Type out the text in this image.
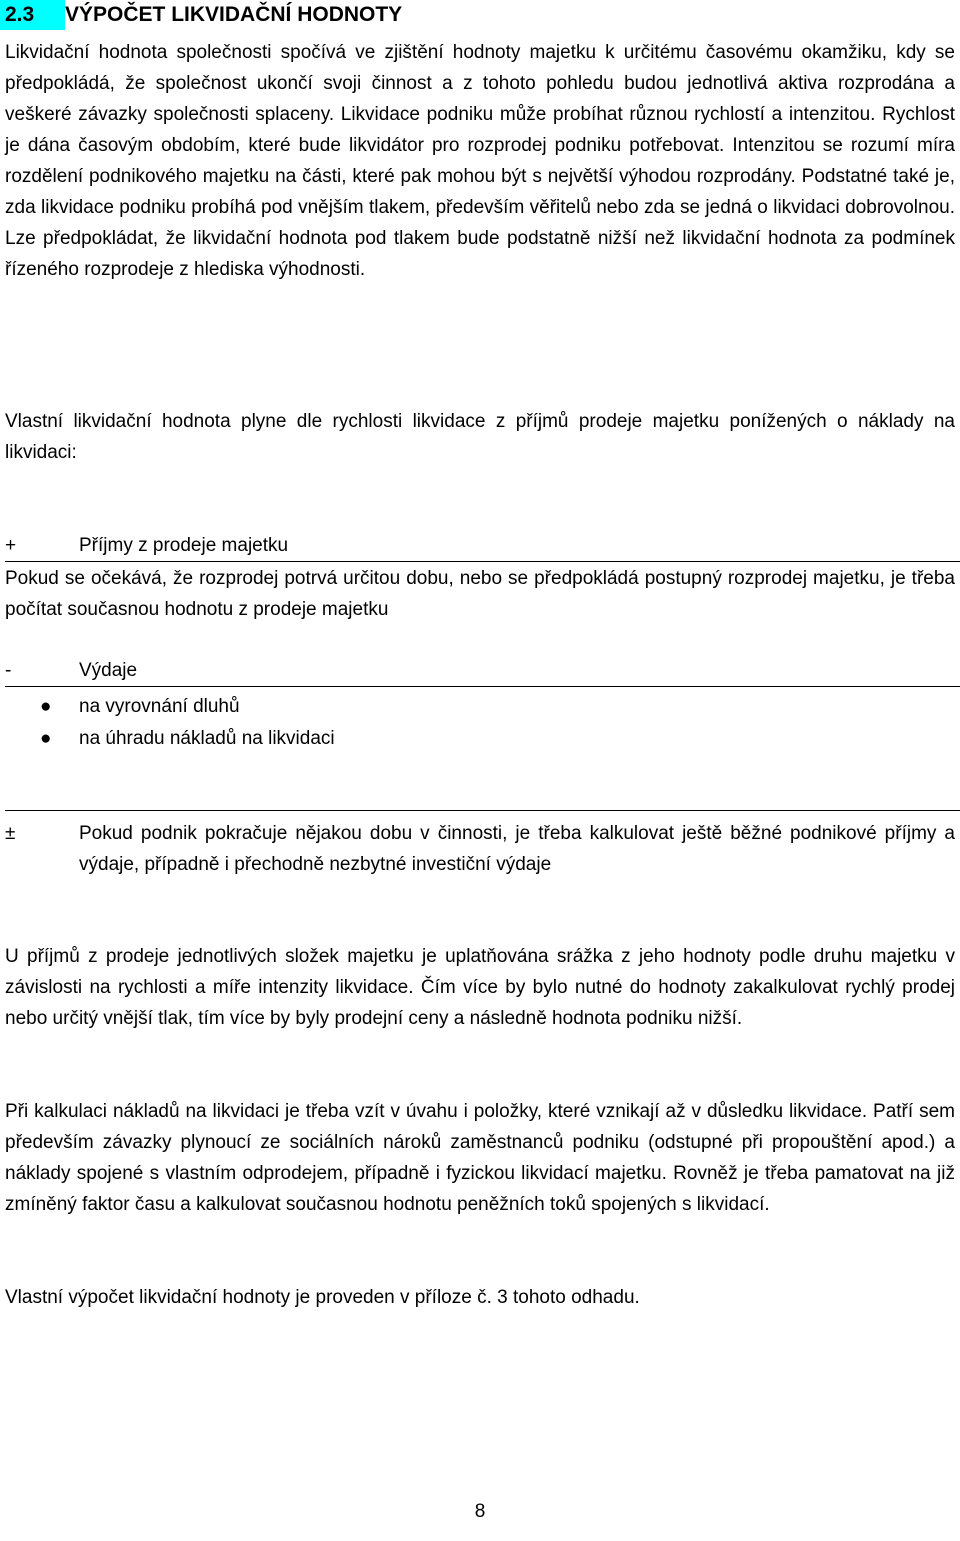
2.3 VÝPOČET LIKVIDAČNÍ HODNOTY

Likvidační hodnota společnosti spočívá ve zjištění hodnoty majetku k určitému časovému okamžiku, kdy se předpokládá, že společnost ukončí svoji činnost a z tohoto pohledu budou jednotlivá aktiva rozprodána a veškeré závazky společnosti splaceny. Likvidace podniku může probíhat různou rychlostí a intenzitou. Rychlost je dána časovým obdobím, které bude likvidátor pro rozprodej podniku potřebovat. Intenzitou se rozumí míra rozdělení podnikového majetku na části, které pak mohou být s největší výhodou rozprodány. Podstatné také je, zda likvidace podniku probíhá pod vnějším tlakem, především věřitelů nebo zda se jedná o likvidaci dobrovolnou. Lze předpokládat, že likvidační hodnota pod tlakem bude podstatně nižší než likvidační hodnota za podmínek řízeného rozprodeje z hlediska výhodnosti.

Vlastní likvidační hodnota plyne dle rychlosti likvidace z příjmů prodeje majetku ponížených o náklady na likvidaci:

+	Příjmy z prodeje majetku

Pokud se očekává, že rozprodej potrvá určitou dobu, nebo se předpokládá postupný rozprodej majetku, je třeba počítat současnou hodnotu z prodeje majetku

-	Výdaje
● na vyrovnání dluhů
● na úhradu nákladů na likvidaci
±	Pokud podnik pokračuje nějakou dobu v činnosti, je třeba kalkulovat ještě běžné podnikové příjmy a výdaje, případně i přechodně nezbytné investiční výdaje

U příjmů z prodeje jednotlivých složek majetku je uplatňována srážka z jeho hodnoty podle druhu majetku v závislosti na rychlosti a míře intenzity likvidace. Čím více by bylo nutné do hodnoty zakalkulovat rychlý prodej nebo určitý vnější tlak, tím více by byly prodejní ceny a následně hodnota podniku nižší.

Při kalkulaci nákladů na likvidaci je třeba vzít v úvahu i položky, které vznikají až v důsledku likvidace. Patří sem především závazky plynoucí ze sociálních nároků zaměstnanců podniku (odstupné při propouštění apod.) a náklady spojené s vlastním odprodejem, případně i fyzickou likvidací majetku. Rovněž je třeba pamatovat na již zmíněný faktor času a kalkulovat současnou hodnotu peněžních toků spojených s likvidací.

Vlastní výpočet likvidační hodnoty je proveden v příloze č. 3 tohoto odhadu.

8
